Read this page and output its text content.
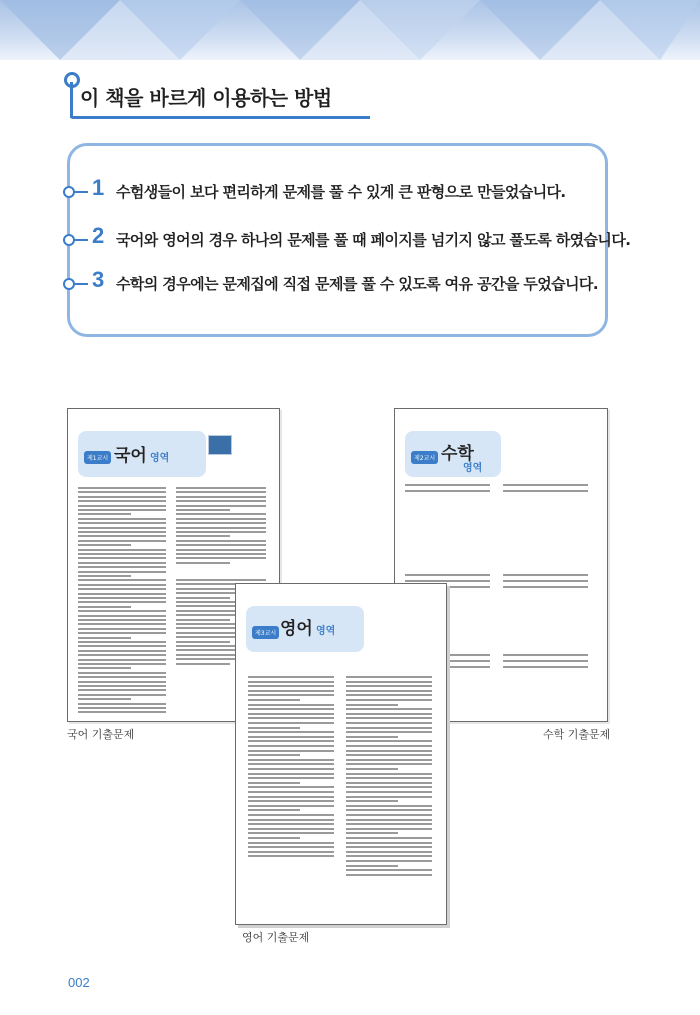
이 책을 바르게 이용하는 방법
1 수험생들이 보다 편리하게 문제를 풀 수 있게 큰 판형으로 만들었습니다.
2 국어와 영어의 경우 하나의 문제를 풀 때 페이지를 넘기지 않고 풀도록 하였습니다.
3 수학의 경우에는 문제집에 직접 문제를 풀 수 있도록 여유 공간을 두었습니다.
제1교시 국어 영역	제2교시 수학
영역
제3교시 영어 영역
국어 기출문제	수학 기출문제
영어 기출문제
002
